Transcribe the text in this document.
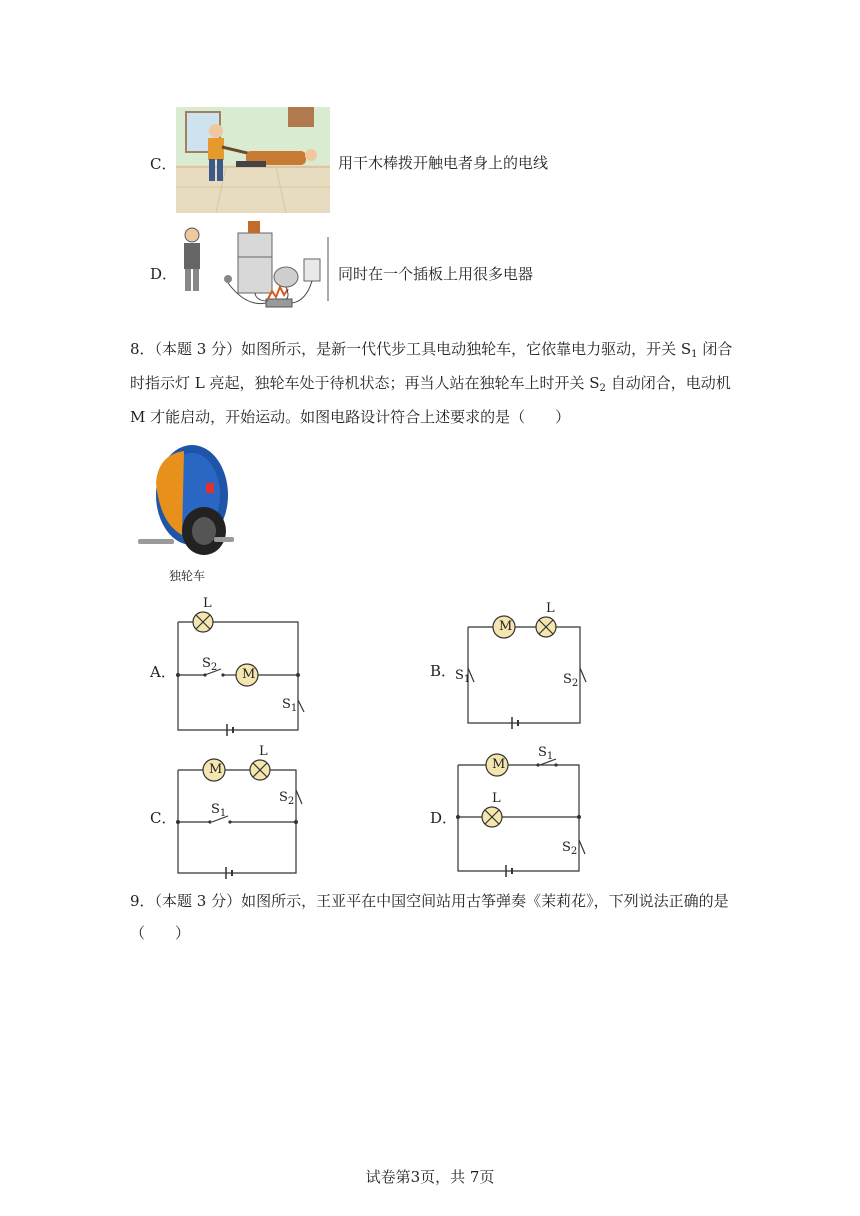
C．	用干木棒拨开触电者身上的电线
D．	同时在一个插板上用很多电器
8．（本题 3 分）如图所示，是新一代代步工具电动独轮车，它依靠电力驱动，开关 $S_1$ 闭合
时指示灯 L 亮起，独轮车处于待机状态；再当人站在独轮车上时开关 $S_2$ 自动闭合，电动机
M 才能启动，开始运动。如图电路设计符合上述要求的是（　　）
独轮车
M
M
M	M
L	L
L
L
$S_2$
$S_1$
$S_1$	$S_2$
$S_2$
$S_1$
$S_1$
$S_2$
A．	B．
C．	D．
9．（本题 3 分）如图所示，王亚平在中国空间站用古筝弹奏《茉莉花》，下列说法正确的是
（　　）
试卷第3页，共 7页
